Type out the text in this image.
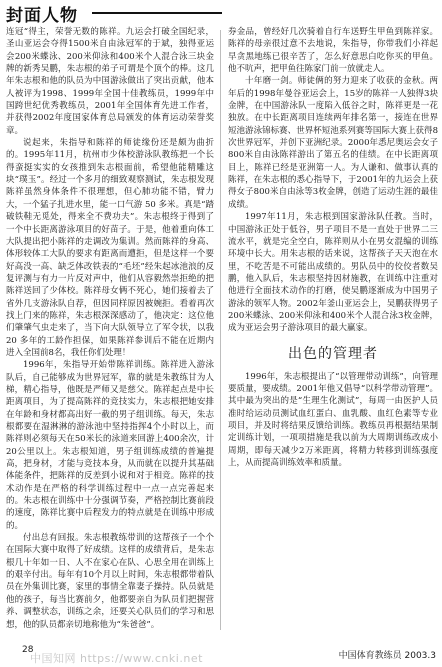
封面人物

连冠“得主，荣誉无数的陈祥。九运会打破全国纪录，圣山亚运会夺得1500米自由泳冠军的于斌，独得亚运会200米蝶泳、200米仰泳和400米个人混合泳三块金牌的新秀吴鹏，朱志根的弟子可谓是个顶个的棒。这几年朱志根和他的队员为中国游泳做出了突出贡献，他本人被评为1998、1999年全国十佳教练员，1999年中国跨世纪优秀教练员，2001年全国体育先进工作者，并获得2002年度国家体育总局颁发的体育运动荣誉奖章。

说起来，朱指导和陈祥的师徒缘份还是颇为曲折的。1995年11月，杭州市少体校游泳队教练把一个长得蛮挺实实的女孩推到朱志根面前，希望他能精雕这块“璞玉”。经过一个多月的细致观察测试，朱志根发现陈祥虽然身体条件不很理想，但心肺功能不错，臂力大，一个猛子扎进水里，能一口气游 50 多米。真是“踏破铁鞋无觅处，得来全不费功夫”。朱志根终于得到了一个中长距离游泳项目的好苗子。于是，他着重向体工大队提出把小陈祥的走调改为集训。然而陈祥的身高、体形较体工大队的要求有距离而遭拒，但是这样一个要好高没一高、缺乏体改铁表的“毛坯”经朱起冰池浪的反复评测与有力一片反对声中，他们从容毅然崇拒绝的把陈祥送回了少体校。陈祥母女俩不死心，她们接着去了省外几支游泳队自荐，但因同样原因被婉拒。看着再次找上门来的陈祥，朱志根深深感动了，他决定：这位他们肇肇气虫走来了，当下向大队领导立了军令状，以我 20 多年的工龄作担保，如果陈祥参训后不能在近期内进入全国前8名，我任你们处理！

1996年，朱指导开始带陈祥训练。陈祥进入游泳队后，自己能够成为世界冠军，靠的就是朱教练甘为人梯，精心指导，他既是严师又是慈父。陈祥起点是中长距离项目，为了提高陈祥的竞技实力，朱志根把她安排在年龄和身材都高出好一截的男子组训练。每天，朱志根都要在湿淋淋的游泳池中坚持指挥4个小时以上，而陈祥则必须每天在50米长的泳道来回游上400余次，计20公里以上。朱志根知道，男子组训练成绩的普遍提高，把身材，才能与竞技本身，从而就在以提升其基础体能条件，把陈祥的反差到小说和对于相竞。陈祥的技术动作是在严格的科学训练过程中一点一点完善起来的。朱志根在训练中十分强调节奏，严格控制比赛前段的速度，陈祥比赛中后程发力的特点就是在训练中形成的。

付出总有回报。朱志根教练带训的这帮孩子一个个在国际大赛中取得了好成绩。这样的成绩背后，是朱志根几十年如一日、人不在家心在队、心思全用在训练上的艰辛付出。每年有10个月以上时间，朱志根都带着队员在外集训比赛，家里的事情全靠妻子操持。队员就是他的孩子，每当比赛前夕，他都要亲自为队员们把握营养、调整状态，训练之余，还要关心队员们的学习和思想，他的队员都亲切地称他为“朱爸爸”。

券金品，曾经好几次骑着自行车送野生甲鱼到陈祥家。陈祥的母亲很过意不去地说，朱指导，你带我们小祥起早贪黑地练已很辛苦了，怎么好意思白吃你买的甲鱼。他不吭声，把甲鱼往陈家门前一放就走人。

十年磨一剑。师徒俩的努力迎来了收获的金秋。两年后的1998年曼谷亚运会上，15岁的陈祥一人独得3块金牌，在中国游泳队一度陷入低谷之时，陈祥更是一花独放。在中长距离项目连续两年排名第一，接连在世界短池游泳锦标赛、世界杯短池系列赛等国际大赛上获得8次世界冠军，并创下亚洲纪录。2000年悉尼奥运会女子800米自由泳陈祥游出了第五名的佳绩。在中长距离项目上，陈祥已经是亚洲第一人。为人谦和、做事认真的陈祥，在朱志根的悉心指导下，于2001年的九运会上获得女子800米自由泳等3枚金牌，创造了运动生涯的最佳成绩。

1997年11月，朱志根到国家游泳队任教。当时，中国游泳正处于低谷，男子项目不是一直处于世界二三流水平，就是完全空白，陈祥则从小在男女混编的训练环境中长大。用朱志根的话来说，这帮孩子天天泡在水里，不吃苦是不可能出成绩的。男队员中的佼佼者数吴鹏，他入队后，朱志根坚持因材施教，在训练中注重对他进行全面技术动作的打磨，使吴鹏逐渐成为中国男子游泳的领军人物。2002年釜山亚运会上，吴鹏获得男子200米蝶泳、200米仰泳和400米个人混合泳3枚金牌，成为亚运会男子游泳项目的最大赢家。

出色的管理者

1996年，朱志根提出了“以管理带动训练”，向管理要质量，要成绩。2001年他又倡导“以科学带动管理”。其中最为突出的是“生理生化测试”，每周一由医护人员准时给运动员测试血红蛋白、血乳酸、血红色素等专业项目，并及时将结果反馈给训练。教练员再根据结果制定训练计划，一项项措施是我以前为大周期训练改成小周期，即每天减少2万米距离，将精力转移到训练强度上，从而提高训练效率和质量。

中国知网 https://www.cnki.net
28
中国体育教练员 2003.3
